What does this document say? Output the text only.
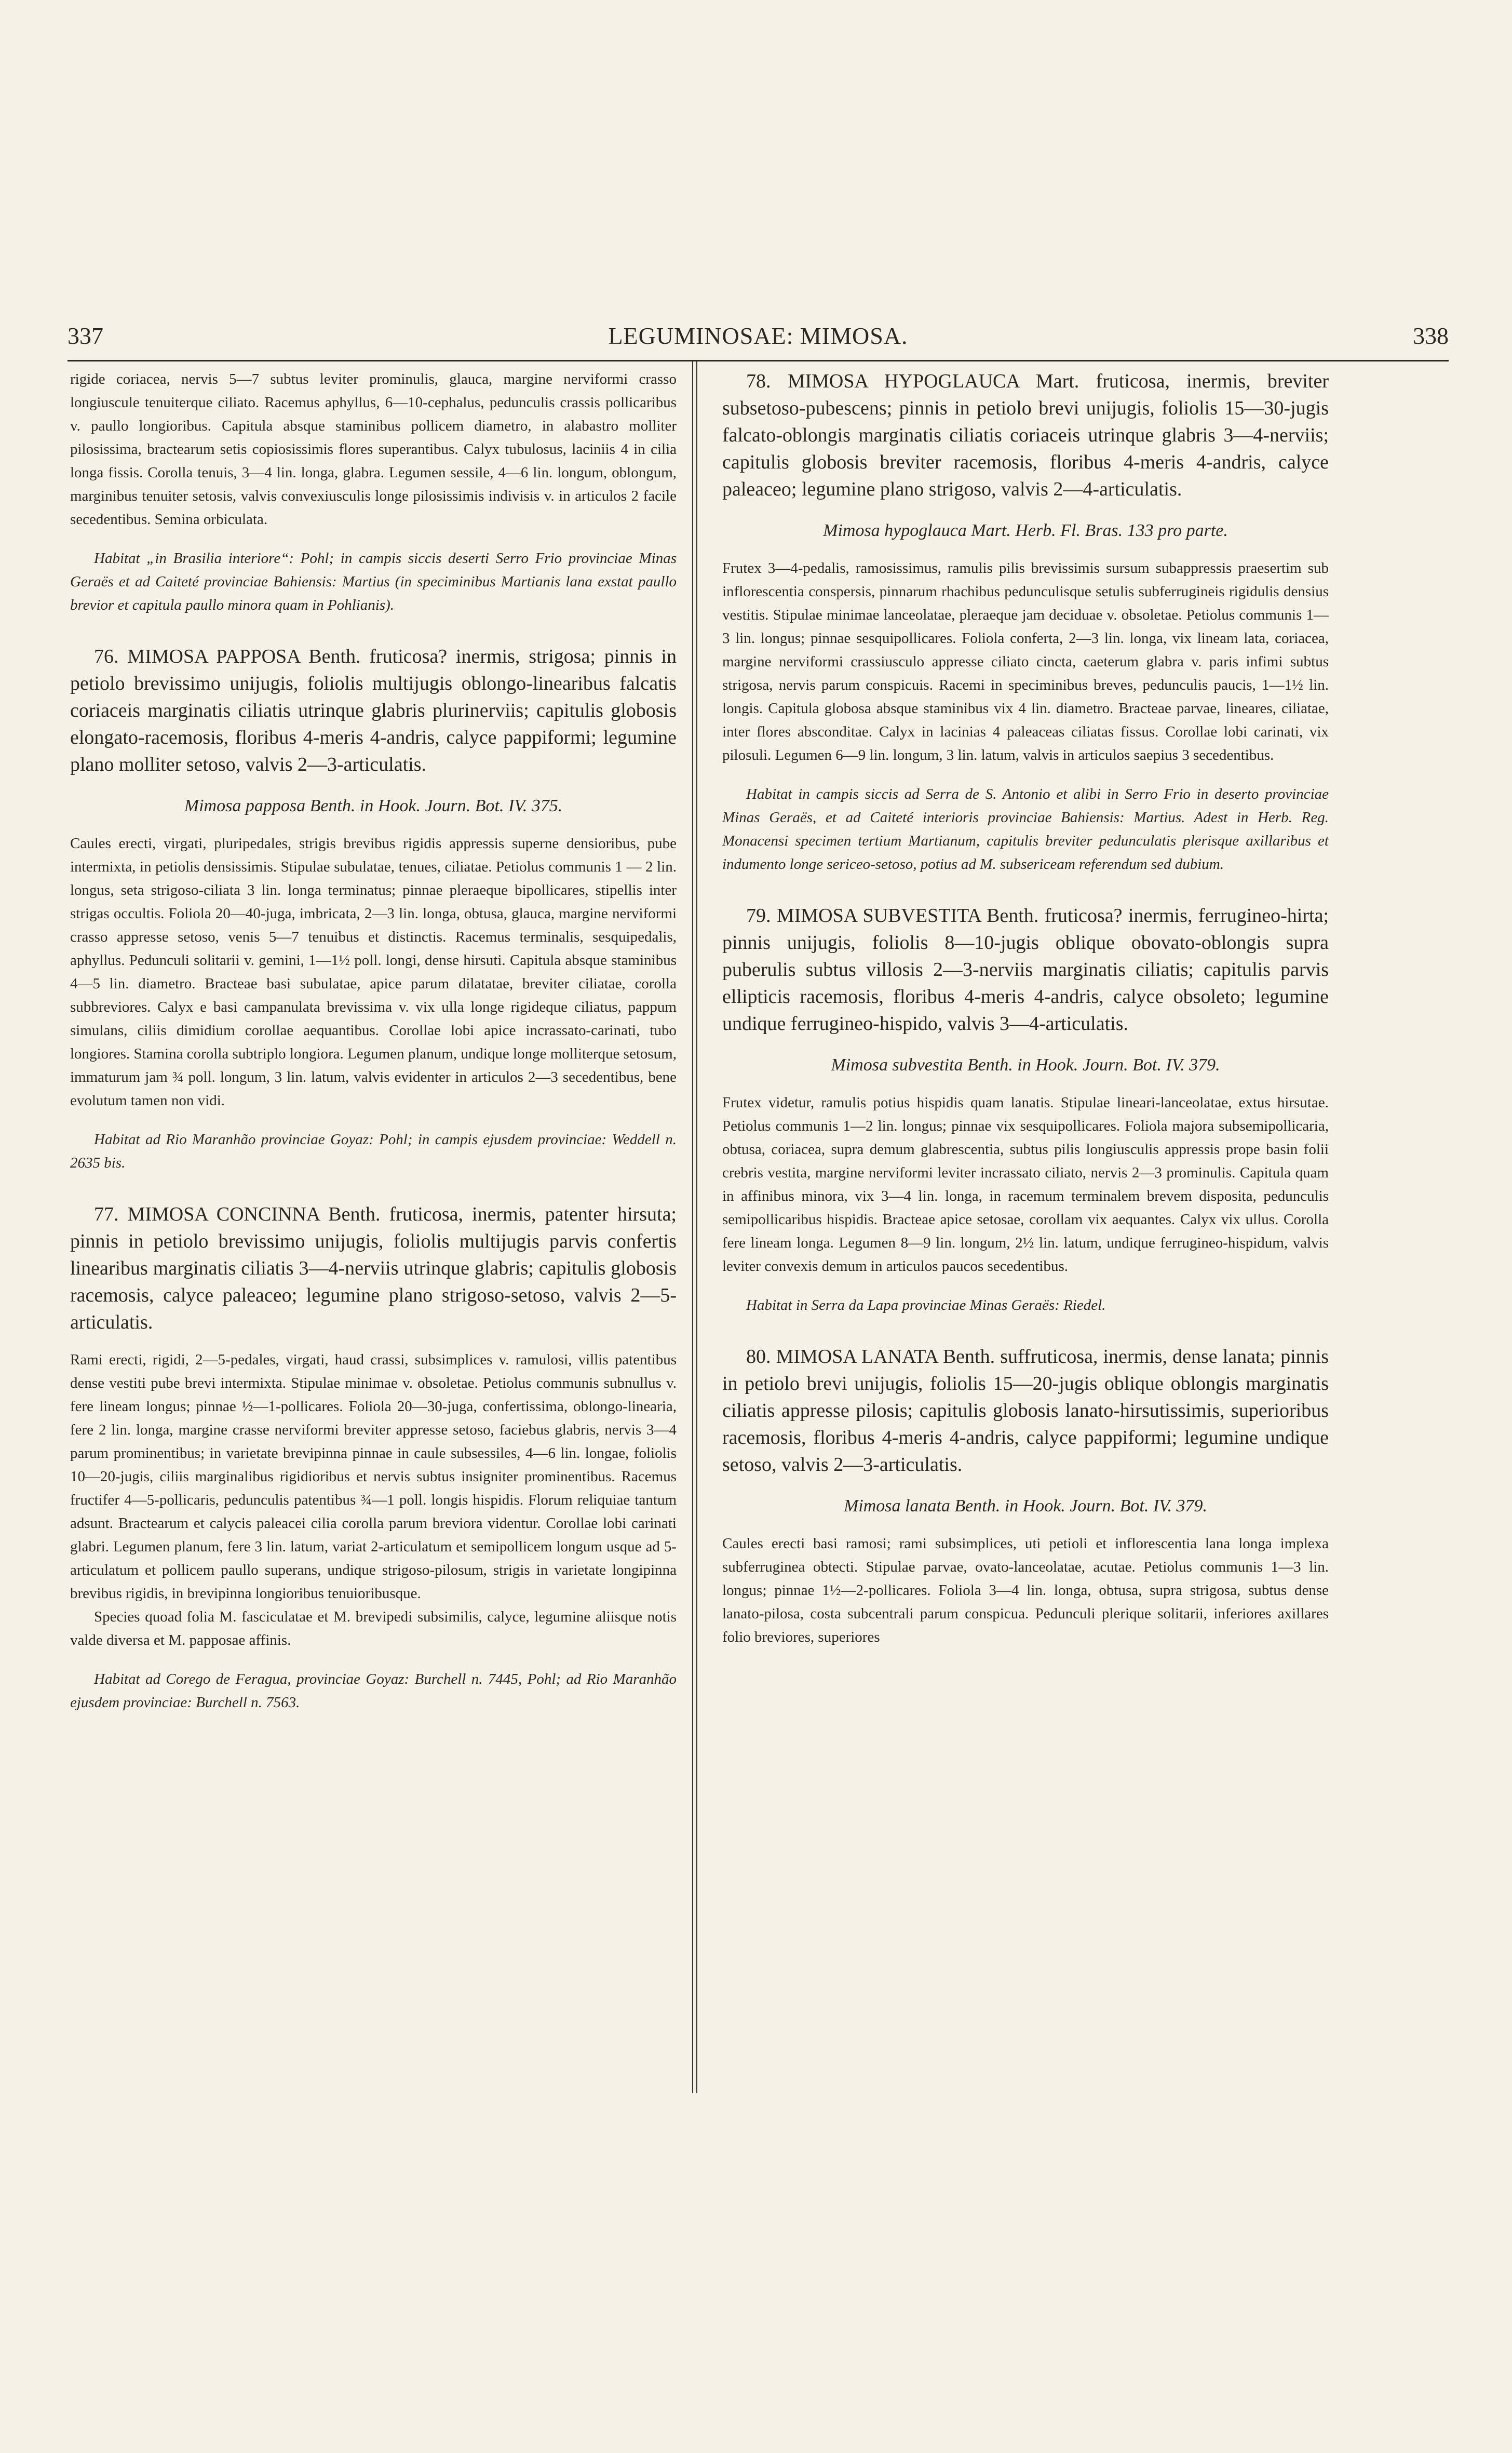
337	LEGUMINOSAE: MIMOSA.	338

rigide coriacea, nervis 5—7 subtus leviter prominulis, glauca, margine nerviformi crasso longiuscule tenuiterque ciliato. Racemus aphyllus, 6—10-cephalus, pedunculis crassis pollicaribus v. paullo longioribus. Capitula absque staminibus pollicem diametro, in alabastro molliter pilosissima, bractearum setis copiosissimis flores superantibus. Calyx tubulosus, laciniis 4 in cilia longa fissis. Corolla tenuis, 3—4 lin. longa, glabra. Legumen sessile, 4—6 lin. longum, oblongum, marginibus tenuiter setosis, valvis convexiusculis longe pilosissimis indivisis v. in articulos 2 facile secedentibus. Semina orbiculata.

Habitat „in Brasilia interiore“: Pohl; in campis siccis deserti Serro Frio provinciae Minas Geraës et ad Caiteté provinciae Bahiensis: Martius (in speciminibus Martianis lana exstat paullo brevior et capitula paullo minora quam in Pohlianis).

76. MIMOSA PAPPOSA Benth. fruticosa? inermis, strigosa; pinnis in petiolo brevissimo unijugis, foliolis multijugis oblongo-linearibus falcatis coriaceis marginatis ciliatis utrinque glabris plurinerviis; capitulis globosis elongato-racemosis, floribus 4-meris 4-andris, calyce pappiformi; legumine plano molliter setoso, valvis 2—3-articulatis.

Mimosa papposa Benth. in Hook. Journ. Bot. IV. 375.

Caules erecti, virgati, pluripedales, strigis brevibus rigidis appressis superne densioribus, pube intermixta, in petiolis densissimis. Stipulae subulatae, tenues, ciliatae. Petiolus communis 1 — 2 lin. longus, seta strigoso-ciliata 3 lin. longa terminatus; pinnae pleraeque bipollicares, stipellis inter strigas occultis. Foliola 20—40-juga, imbricata, 2—3 lin. longa, obtusa, glauca, margine nerviformi crasso appresse setoso, venis 5—7 tenuibus et distinctis. Racemus terminalis, sesquipedalis, aphyllus. Pedunculi solitarii v. gemini, 1—1½ poll. longi, dense hirsuti. Capitula absque staminibus 4—5 lin. diametro. Bracteae basi subulatae, apice parum dilatatae, breviter ciliatae, corolla subbreviores. Calyx e basi campanulata brevissima v. vix ulla longe rigideque ciliatus, pappum simulans, ciliis dimidium corollae aequantibus. Corollae lobi apice incrassato-carinati, tubo longiores. Stamina corolla subtriplo longiora. Legumen planum, undique longe molliterque setosum, immaturum jam ¾ poll. longum, 3 lin. latum, valvis evidenter in articulos 2—3 secedentibus, bene evolutum tamen non vidi.

Habitat ad Rio Maranhão provinciae Goyaz: Pohl; in campis ejusdem provinciae: Weddell n. 2635 bis.

77. MIMOSA CONCINNA Benth. fruticosa, inermis, patenter hirsuta; pinnis in petiolo brevissimo unijugis, foliolis multijugis parvis confertis linearibus marginatis ciliatis 3—4-nerviis utrinque glabris; capitulis globosis racemosis, calyce paleaceo; legumine plano strigoso-setoso, valvis 2—5-articulatis.

Rami erecti, rigidi, 2—5-pedales, virgati, haud crassi, subsimplices v. ramulosi, villis patentibus dense vestiti pube brevi intermixta. Stipulae minimae v. obsoletae. Petiolus communis subnullus v. fere lineam longus; pinnae ½—1-pollicares. Foliola 20—30-juga, confertissima, oblongo-linearia, fere 2 lin. longa, margine crasse nerviformi breviter appresse setoso, faciebus glabris, nervis 3—4 parum prominentibus; in varietate brevipinna pinnae in caule subsessiles, 4—6 lin. longae, foliolis 10—20-jugis, ciliis marginalibus rigidioribus et nervis subtus insigniter prominentibus. Racemus fructifer 4—5-pollicaris, pedunculis patentibus ¾—1 poll. longis hispidis. Florum reliquiae tantum adsunt. Bractearum et calycis paleacei cilia corolla parum breviora videntur. Corollae lobi carinati glabri. Legumen planum, fere 3 lin. latum, variat 2-articulatum et semipollicem longum usque ad 5-articulatum et pollicem paullo superans, undique strigoso-pilosum, strigis in varietate longipinna brevibus rigidis, in brevipinna longioribus tenuioribusque.

Species quoad folia M. fasciculatae et M. brevipedi subsimilis, calyce, legumine aliisque notis valde diversa et M. papposae affinis.

Habitat ad Corego de Feragua, provinciae Goyaz: Burchell n. 7445, Pohl; ad Rio Maranhão ejusdem provinciae: Burchell n. 7563.

78. MIMOSA HYPOGLAUCA Mart. fruticosa, inermis, breviter subsetoso-pubescens; pinnis in petiolo brevi unijugis, foliolis 15—30-jugis falcato-oblongis marginatis ciliatis coriaceis utrinque glabris 3—4-nerviis; capitulis globosis breviter racemosis, floribus 4-meris 4-andris, calyce paleaceo; legumine plano strigoso, valvis 2—4-articulatis.

Mimosa hypoglauca Mart. Herb. Fl. Bras. 133 pro parte.

Frutex 3—4-pedalis, ramosissimus, ramulis pilis brevissimis sursum subappressis praesertim sub inflorescentia conspersis, pinnarum rhachibus pedunculisque setulis subferrugineis rigidulis densius vestitis. Stipulae minimae lanceolatae, pleraeque jam deciduae v. obsoletae. Petiolus communis 1—3 lin. longus; pinnae sesquipollicares. Foliola conferta, 2—3 lin. longa, vix lineam lata, coriacea, margine nerviformi crassiusculo appresse ciliato cincta, caeterum glabra v. paris infimi subtus strigosa, nervis parum conspicuis. Racemi in speciminibus breves, pedunculis paucis, 1—1½ lin. longis. Capitula globosa absque staminibus vix 4 lin. diametro. Bracteae parvae, lineares, ciliatae, inter flores absconditae. Calyx in lacinias 4 paleaceas ciliatas fissus. Corollae lobi carinati, vix pilosuli. Legumen 6—9 lin. longum, 3 lin. latum, valvis in articulos saepius 3 secedentibus.

Habitat in campis siccis ad Serra de S. Antonio et alibi in Serro Frio in deserto provinciae Minas Geraës, et ad Caiteté interioris provinciae Bahiensis: Martius. Adest in Herb. Reg. Monacensi specimen tertium Martianum, capitulis breviter pedunculatis plerisque axillaribus et indumento longe sericeo-setoso, potius ad M. subsericeam referendum sed dubium.

79. MIMOSA SUBVESTITA Benth. fruticosa? inermis, ferrugineo-hirta; pinnis unijugis, foliolis 8—10-jugis oblique obovato-oblongis supra puberulis subtus villosis 2—3-nerviis marginatis ciliatis; capitulis parvis ellipticis racemosis, floribus 4-meris 4-andris, calyce obsoleto; legumine undique ferrugineo-hispido, valvis 3—4-articulatis.

Mimosa subvestita Benth. in Hook. Journ. Bot. IV. 379.

Frutex videtur, ramulis potius hispidis quam lanatis. Stipulae lineari-lanceolatae, extus hirsutae. Petiolus communis 1—2 lin. longus; pinnae vix sesquipollicares. Foliola majora subsemipollicaria, obtusa, coriacea, supra demum glabrescentia, subtus pilis longiusculis appressis prope basin folii crebris vestita, margine nerviformi leviter incrassato ciliato, nervis 2—3 prominulis. Capitula quam in affinibus minora, vix 3—4 lin. longa, in racemum terminalem brevem disposita, pedunculis semipollicaribus hispidis. Bracteae apice setosae, corollam vix aequantes. Calyx vix ullus. Corolla fere lineam longa. Legumen 8—9 lin. longum, 2½ lin. latum, undique ferrugineo-hispidum, valvis leviter convexis demum in articulos paucos secedentibus.

Habitat in Serra da Lapa provinciae Minas Geraës: Riedel.

80. MIMOSA LANATA Benth. suffruticosa, inermis, dense lanata; pinnis in petiolo brevi unijugis, foliolis 15—20-jugis oblique oblongis marginatis ciliatis appresse pilosis; capitulis globosis lanato-hirsutissimis, superioribus racemosis, floribus 4-meris 4-andris, calyce pappiformi; legumine undique setoso, valvis 2—3-articulatis.

Mimosa lanata Benth. in Hook. Journ. Bot. IV. 379.

Caules erecti basi ramosi; rami subsimplices, uti petioli et inflorescentia lana longa implexa subferruginea obtecti. Stipulae parvae, ovato-lanceolatae, acutae. Petiolus communis 1—3 lin. longus; pinnae 1½—2-pollicares. Foliola 3—4 lin. longa, obtusa, supra strigosa, subtus dense lanato-pilosa, costa subcentrali parum conspicua. Pedunculi plerique solitarii, inferiores axillares folio breviores, superiores
